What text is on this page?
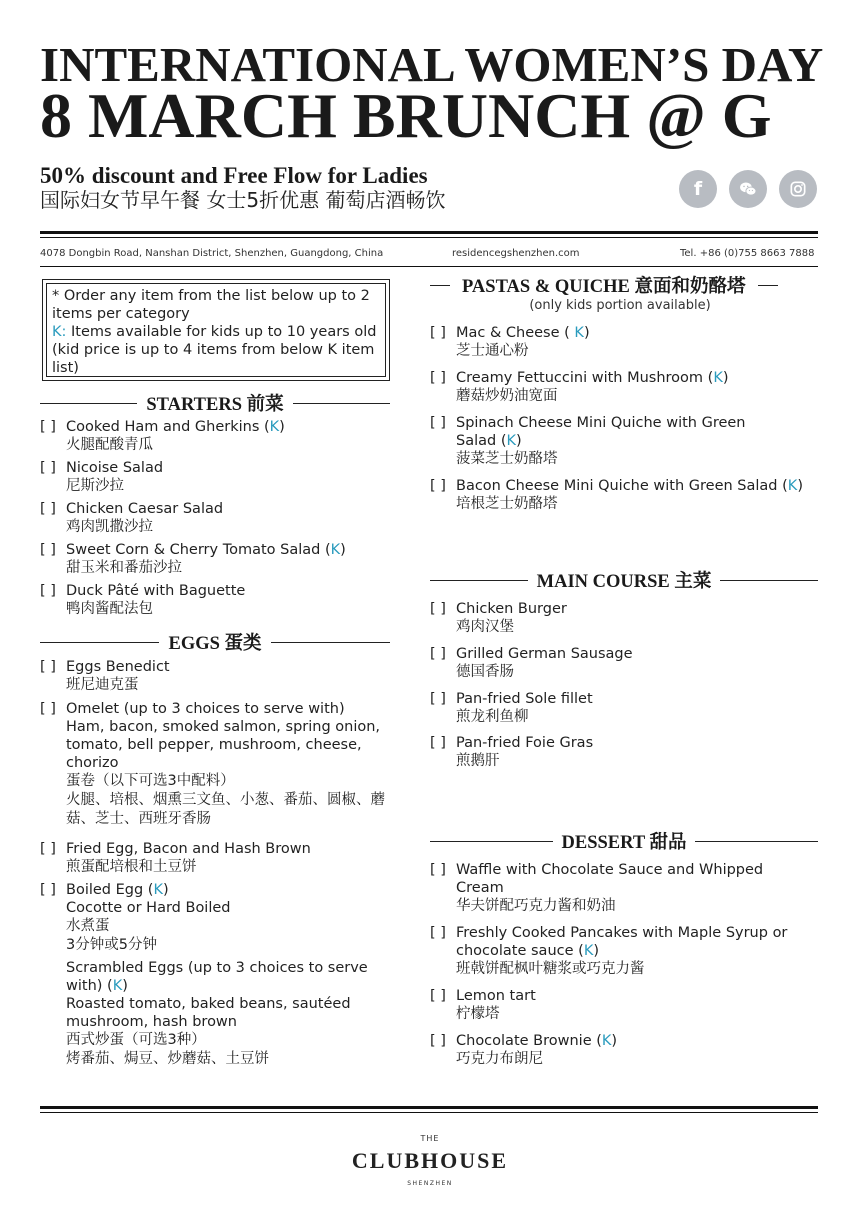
INTERNATIONAL WOMEN’S DAY
8 MARCH BRUNCH @ G
50% discount and Free Flow for Ladies
国际妇女节早午餐 女士5折优惠 葡萄店酒畅饮	f
4078 Dongbin Road, Nanshan District, Shenzhen, Guangdong, China	residencegshenzhen.com	Tel. +86 (0)755 8663 7888
* Order any item from the list below up to 2 items per category
K: Items available for kids up to 10 years old (kid price is up to 4 items from below K item list)
STARTERS 前菜
[ ] Cooked Ham and Gherkins (K)
火腿配酸青瓜
[ ] Nicoise Salad
尼斯沙拉
[ ] Chicken Caesar Salad
鸡肉凯撒沙拉
[ ] Sweet Corn & Cherry Tomato Salad (K)
甜玉米和番茄沙拉
[ ] Duck Pâté with Baguette
鸭肉酱配法包
EGGS 蛋类
[ ] Eggs Benedict
班尼迪克蛋
[ ] Omelet (up to 3 choices to serve with)
Ham, bacon, smoked salmon, spring onion, tomato, bell pepper, mushroom, cheese, chorizo
蛋卷（以下可选3中配料）
火腿、培根、烟熏三文鱼、小葱、番茄、圆椒、蘑菇、芝士、西班牙香肠
[ ] Fried Egg, Bacon and Hash Brown
煎蛋配培根和土豆饼
[ ] Boiled Egg (K)
Cocotte or Hard Boiled
水煮蛋
3分钟或5分钟
Scrambled Eggs (up to 3 choices to serve with) (K)
Roasted tomato, baked beans, sautéed mushroom, hash brown
西式炒蛋（可选3种）
烤番茄、焗豆、炒蘑菇、土豆饼
PASTAS & QUICHE 意面和奶酪塔
(only kids portion available)
[ ] Mac & Cheese ( K)
芝士通心粉
[ ] Creamy Fettuccini with Mushroom (K)
蘑菇炒奶油宽面
[ ] Spinach Cheese Mini Quiche with Green Salad (K)
菠菜芝士奶酪塔
[ ] Bacon Cheese Mini Quiche with Green Salad (K)
培根芝士奶酪塔
MAIN COURSE 主菜
[ ] Chicken Burger
鸡肉汉堡
[ ] Grilled German Sausage
德国香肠
[ ] Pan-fried Sole fillet
煎龙利鱼柳
[ ] Pan-fried Foie Gras
煎鹅肝
DESSERT 甜品
[ ] Waffle with Chocolate Sauce and Whipped Cream
华夫饼配巧克力酱和奶油
[ ] Freshly Cooked Pancakes with Maple Syrup or chocolate sauce (K)
班戟饼配枫叶糖浆或巧克力酱
[ ] Lemon tart
柠檬塔
[ ] Chocolate Brownie (K)
巧克力布朗尼
THE
CLUBHOUSE
SHENZHEN
